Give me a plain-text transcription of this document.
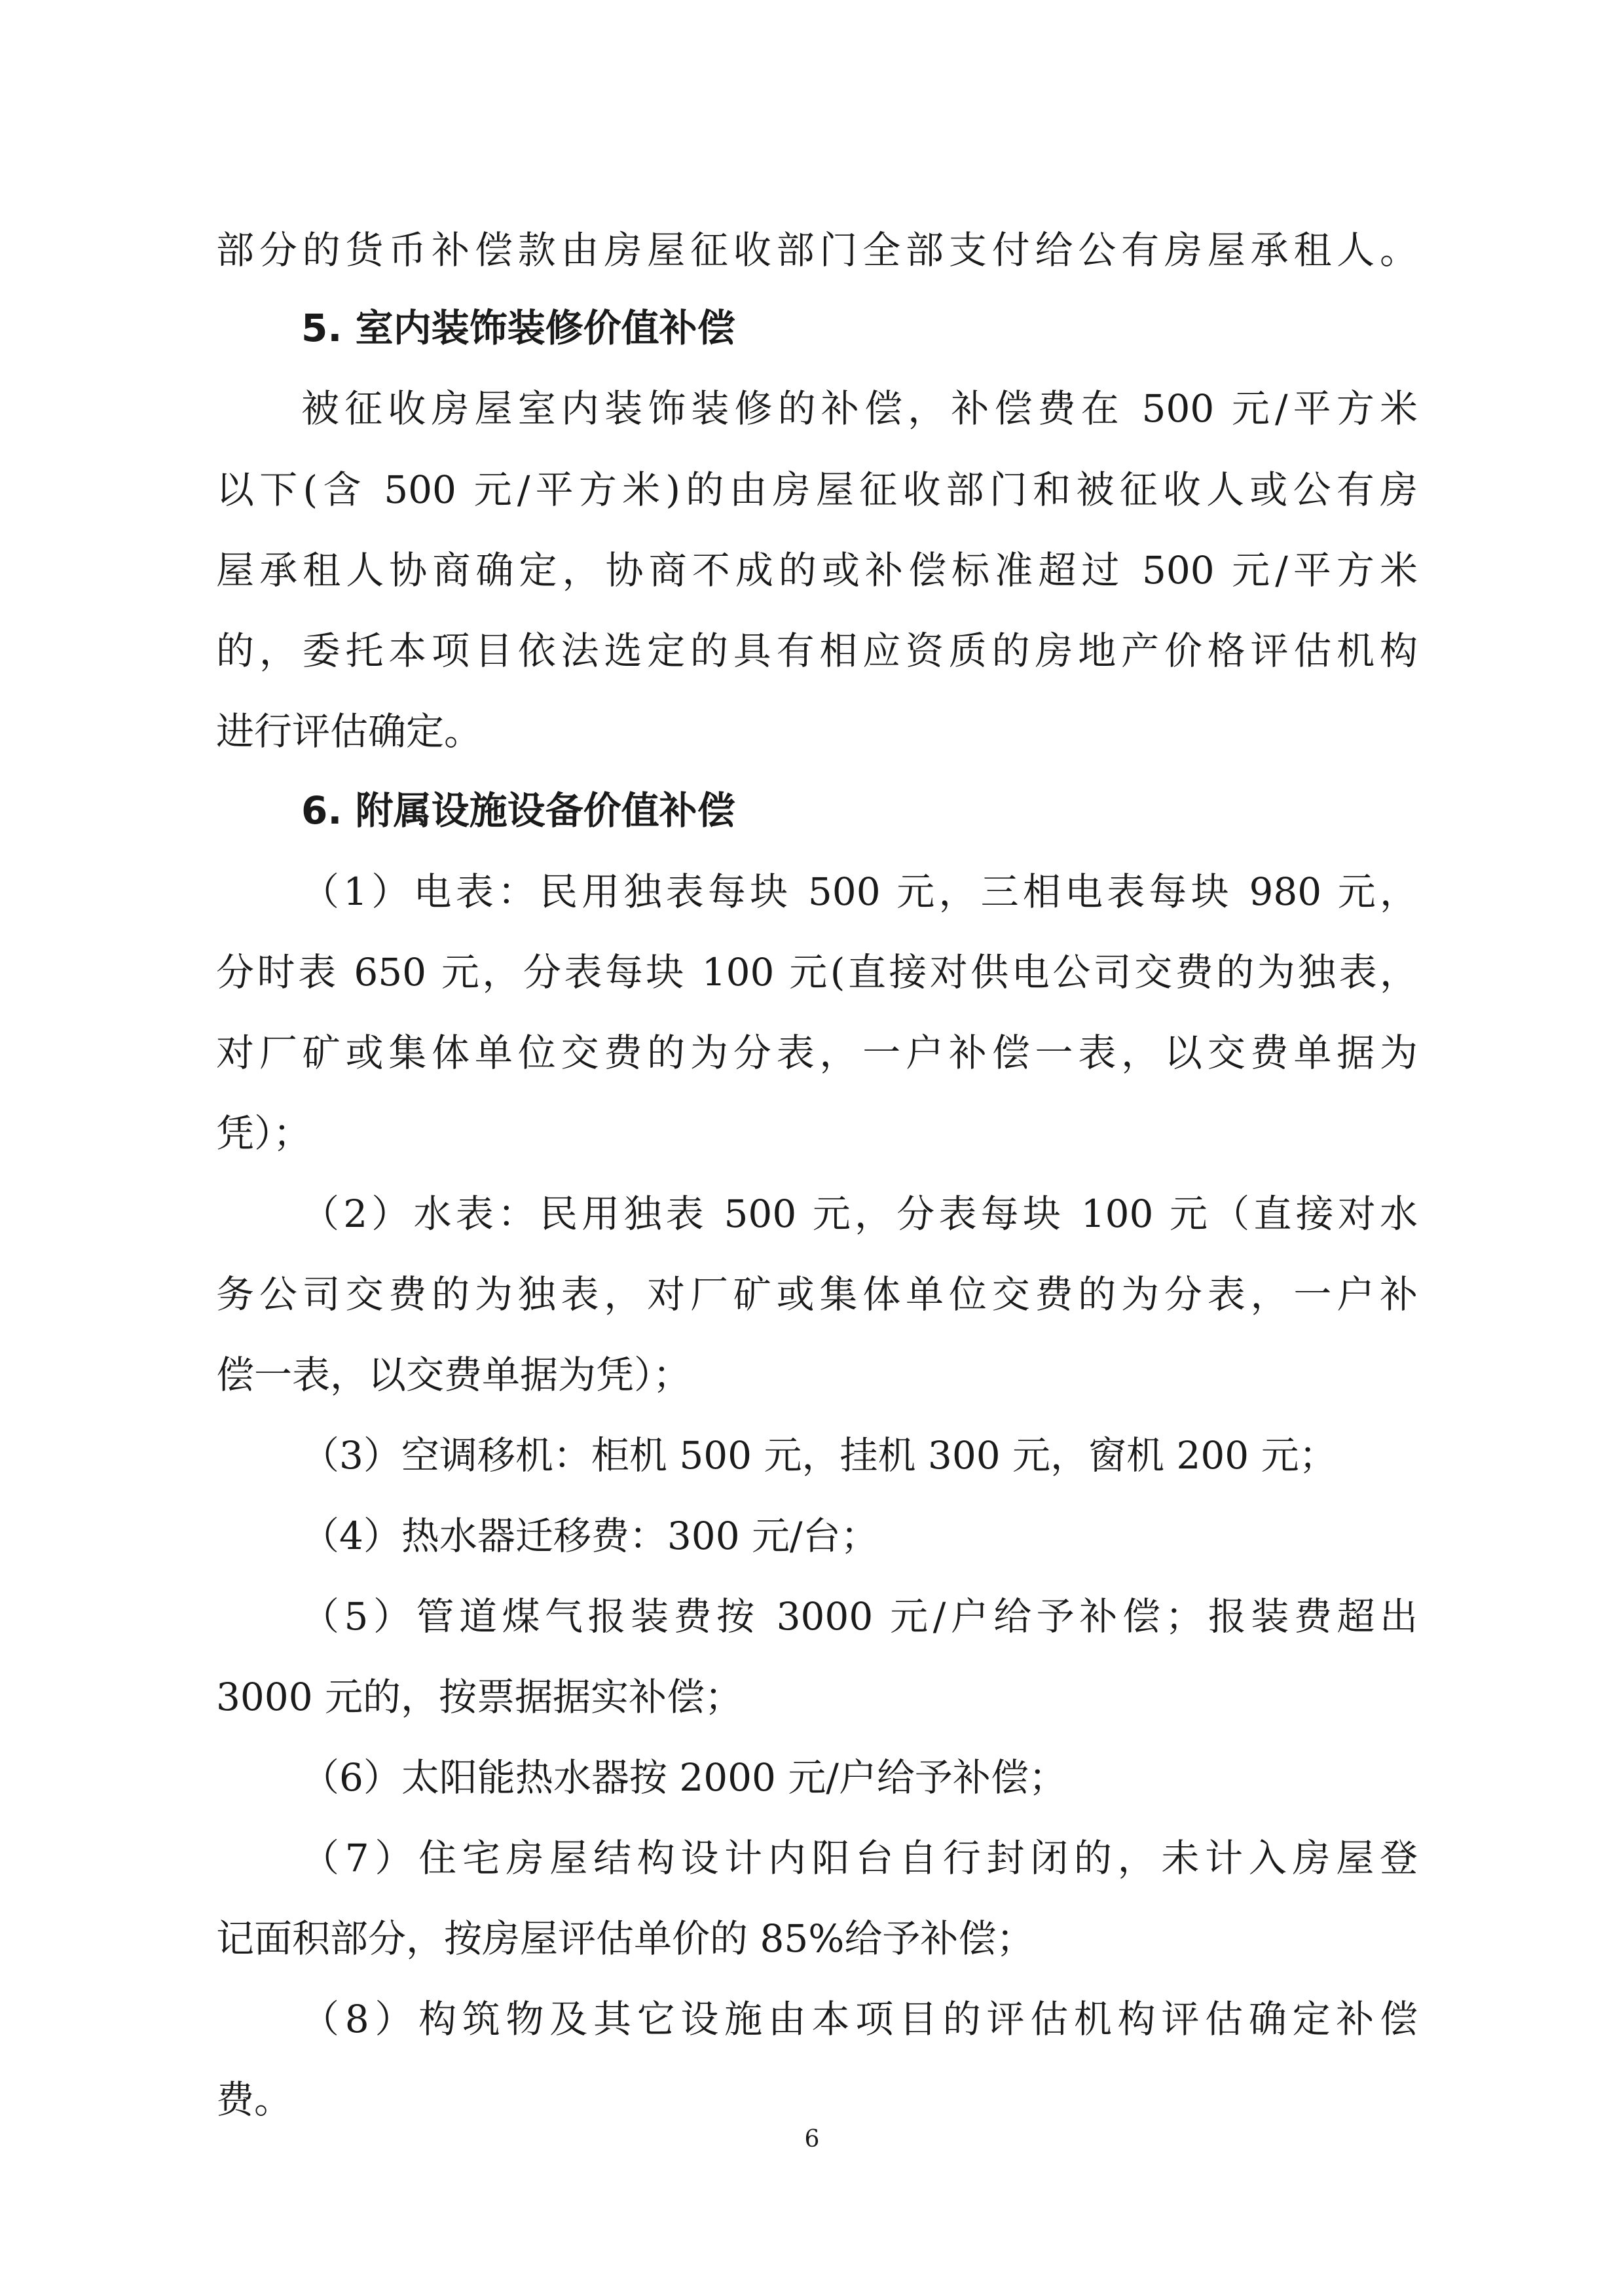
部分的货币补偿款由房屋征收部门全部支付给公有房屋承租人。

5. 室内装饰装修价值补偿

被征收房屋室内装饰装修的补偿，补偿费在 500 元/平方米

以下(含 500 元/平方米)的由房屋征收部门和被征收人或公有房

屋承租人协商确定，协商不成的或补偿标准超过 500 元/平方米

的，委托本项目依法选定的具有相应资质的房地产价格评估机构

进行评估确定。

6. 附属设施设备价值补偿

（1）电表：民用独表每块 500 元，三相电表每块 980 元，

分时表 650 元，分表每块 100 元(直接对供电公司交费的为独表，

对厂矿或集体单位交费的为分表，一户补偿一表，以交费单据为

凭）；

（2）水表：民用独表 500 元，分表每块 100 元（直接对水

务公司交费的为独表，对厂矿或集体单位交费的为分表，一户补

偿一表，以交费单据为凭）；

（3）空调移机：柜机 500 元，挂机 300 元，窗机 200 元；

（4）热水器迁移费：300 元/台；

（5）管道煤气报装费按 3000 元/户给予补偿；报装费超出

3000 元的，按票据据实补偿；

（6）太阳能热水器按 2000 元/户给予补偿；

（7）住宅房屋结构设计内阳台自行封闭的，未计入房屋登

记面积部分，按房屋评估单价的 85%给予补偿；

（8）构筑物及其它设施由本项目的评估机构评估确定补偿

费。

6
